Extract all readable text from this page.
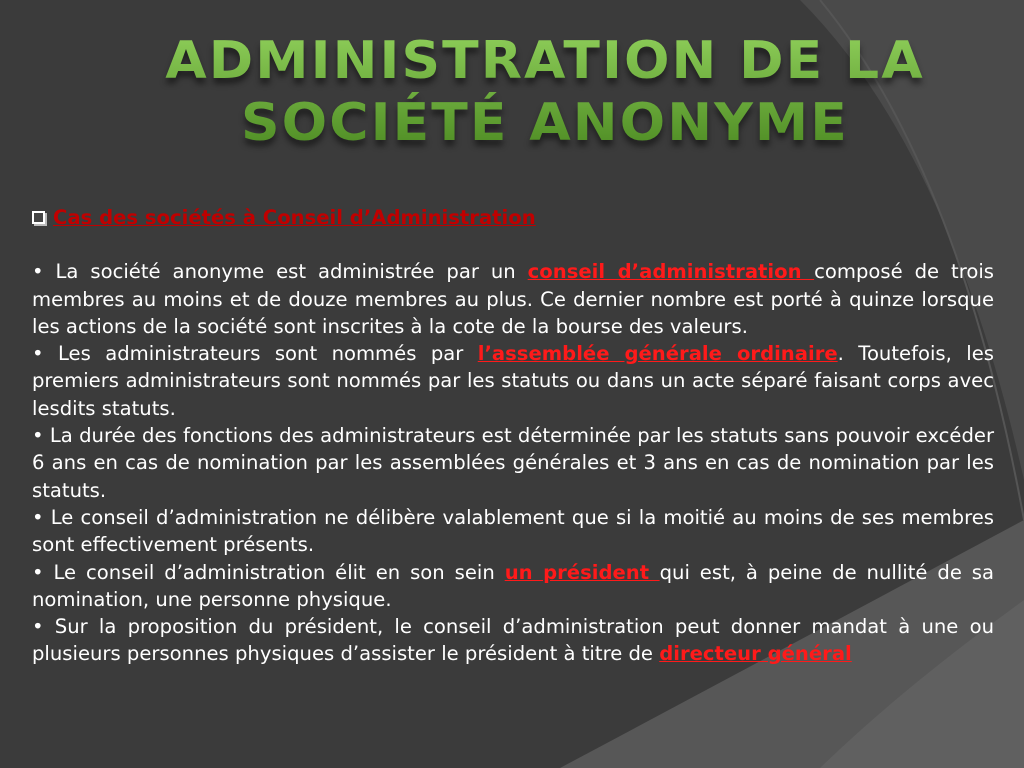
ADMINISTRATION DE LA
SOCIÉTÉ ANONYME
Cas des sociétés à Conseil d’Administration

• La société anonyme est administrée par un conseil d’administration composé de trois membres au moins et de douze membres au plus. Ce dernier nombre est porté à quinze lorsque les actions de la société sont inscrites à la cote de la bourse des valeurs.

• Les administrateurs sont nommés par l’assemblée générale ordinaire. Toutefois, les premiers administrateurs sont nommés par les statuts ou dans un acte séparé faisant corps avec lesdits statuts.

• La durée des fonctions des administrateurs est déterminée par les statuts sans pouvoir excéder 6 ans en cas de nomination par les assemblées générales et 3 ans en cas de nomination par les statuts.

• Le conseil d’administration ne délibère valablement que si la moitié au moins de ses membres sont effectivement présents.

• Le conseil d’administration élit en son sein un président qui est, à peine de nullité de sa nomination, une personne physique.

• Sur la proposition du président, le conseil d’administration peut donner mandat à une ou plusieurs personnes physiques d’assister le président à titre de directeur général
